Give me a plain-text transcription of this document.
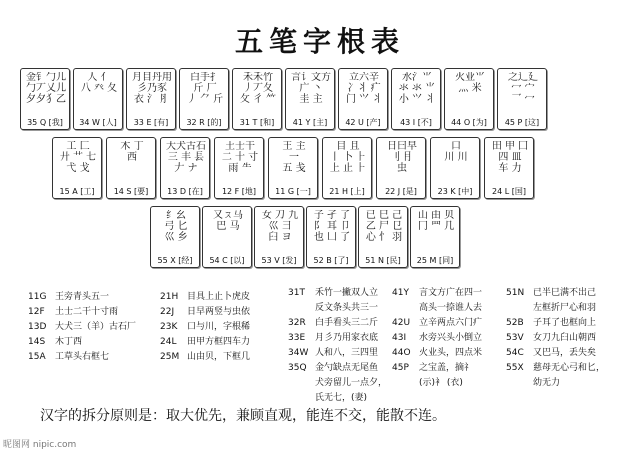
五笔字根表
金钅勹儿
勹丆乂儿
夕夕犭乙
35 Q [我]
人 亻
八 癶 夂
34 W [人]
月目丹用
彡乃豕
衣 氵 ⺼
33 E [有]
白手扌
斤 厂
丿 ⺈ 斤
32 R [的]
禾禾竹
丿丆夂
攵 彳 ⺮
31 T [和]
言讠文方
广 丶
圭 主
41 Y [主]
立六辛
冫丬 疒
门 ⺍ 丬
42 U [产]
水氵⺌
氺 氺 ⺌
小 ⺍ 丬
43 I [不]
火业⺌
灬 米
44 O [为]
之辶廴
冖 宀
乛 冖
45 P [这]
工 匚
廾 艹 七
弋 戈
15 A [工]
木 丁
西
14 S [要]
大犬古石
三 丰 镸
𠂇 ナ
13 D [在]
土士干
二 十 寸
雨 ⺧
12 F [地]
王 主
一
五 戋
11 G [一]
目 且
丨 卜 ⺊
上 止 ⺊
21 H [上]
日曰早
刂 ⺝
虫
22 J [是]
口
川 川
23 K [中]
田 甲 囗
四 皿
车 力
24 L [国]
纟幺
弓 匕
巛 乡
55 X [经]
又ㄡ马
巴 马
54 C [以]
女 刀 九
巛 彐
臼 ヨ
53 V [发]
子 孑 了
阝 耳 卩
也 凵 了
52 B [了]
已 巳 己
乙 尸 㔾
心 忄 羽
51 N [民]
山 由 贝
冂 ⺲ 几
25 M [同]
11G 王旁青头五一
12F 土士二干十寸雨
13D 大犬三（羊）古石厂
14S 木丁西
15A 工草头右框七
21H 目具上止卜虎皮
22J 日早两竖与虫依
23K 口与川，字根稀
24L 田甲方框四车力
25M 山由贝，下框几
31T 禾竹一撇双人立
反文条头共三一
32R 白手看头三二斤
33E 月彡乃用家衣底
34W 人和八，三四里
35Q 金勺缺点无尾鱼
犬旁留儿一点夕，
氏无七，(妻)
41Y 言文方广在四一
高头一捺谁人去
42U 立辛两点六门疒
43I 水旁兴头小倒立
44O 火业头，四点米
45P 之宝盖，摘礻
(示)衤 (衣)
51N 已半巳满不出己
左框折尸心和羽
52B 子耳了也框向上
53V 女刀九臼山朝西
54C 又巴马，丢失矣
55X 慈母无心弓和匕，
幼无力
汉字的拆分原则是：取大优先，兼顾直观，能连不交，能散不连。
昵图网 nipic.com
